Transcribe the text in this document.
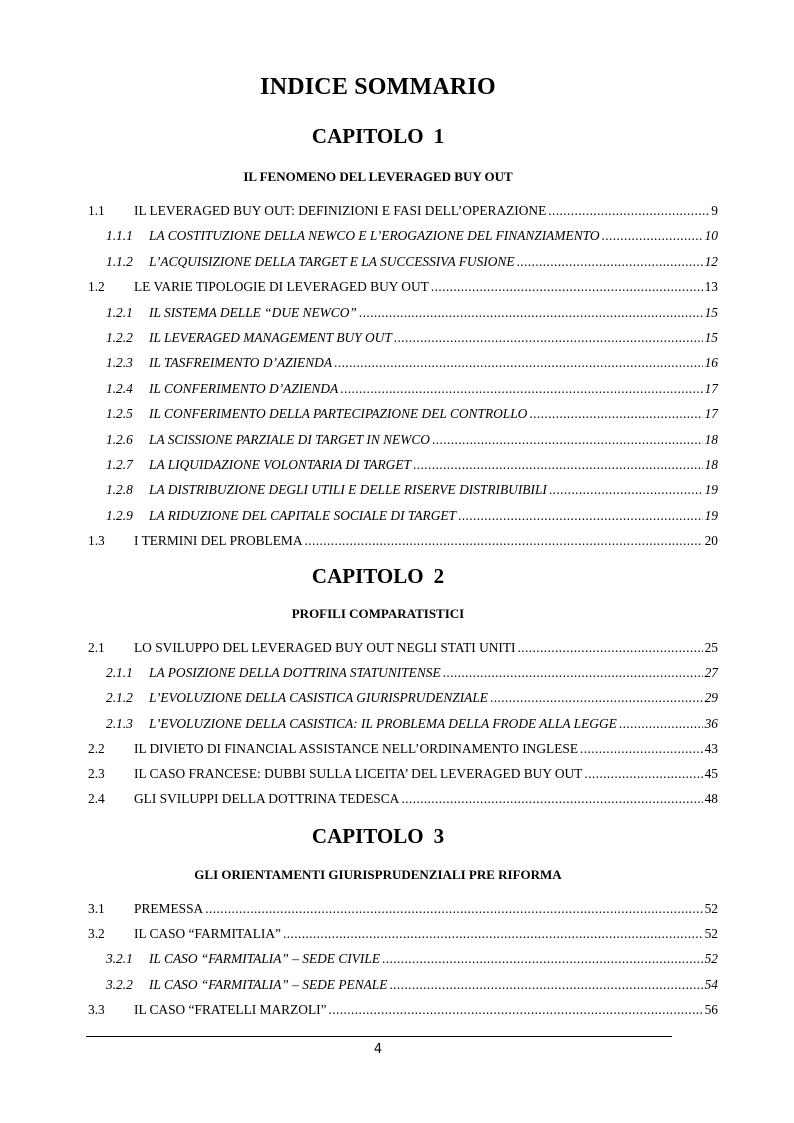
INDICE SOMMARIO
CAPITOLO 1
IL FENOMENO DEL LEVERAGED BUY OUT
1.1 IL LEVERAGED BUY OUT: DEFINIZIONI E FASI DELL’OPERAZIONE .....	9
1.1.1 LA COSTITUZIONE DELLA NEWCO E L’EROGAZIONE DEL FINANZIAMENTO .....	10
1.1.2 L’ACQUISIZIONE DELLA TARGET E LA SUCCESSIVA FUSIONE .....	12
1.2 LE VARIE TIPOLOGIE DI LEVERAGED BUY OUT .....	13
1.2.1 IL SISTEMA DELLE “DUE NEWCO” .....	15
1.2.2 IL LEVERAGED MANAGEMENT BUY OUT .....	15
1.2.3 IL TASFREIMENTO D’AZIENDA .....	16
1.2.4 IL CONFERIMENTO D’AZIENDA .....	17
1.2.5 IL CONFERIMENTO DELLA PARTECIPAZIONE DEL CONTROLLO .....	17
1.2.6 LA SCISSIONE PARZIALE DI TARGET IN NEWCO .....	18
1.2.7 LA LIQUIDAZIONE VOLONTARIA DI TARGET .....	18
1.2.8 LA DISTRIBUZIONE DEGLI UTILI E DELLE RISERVE DISTRIBUIBILI .....	19
1.2.9 LA RIDUZIONE DEL CAPITALE SOCIALE DI TARGET .....	19
1.3 I TERMINI DEL PROBLEMA .....	20
CAPITOLO 2
PROFILI COMPARATISTICI
2.1 LO SVILUPPO DEL LEVERAGED BUY OUT NEGLI STATI UNITI .....	25
2.1.1 LA POSIZIONE DELLA DOTTRINA STATUNITENSE .....	27
2.1.2 L’EVOLUZIONE DELLA CASISTICA GIURISPRUDENZIALE .....	29
2.1.3 L’EVOLUZIONE DELLA CASISTICA: IL PROBLEMA DELLA FRODE ALLA LEGGE .....	36
2.2 IL DIVIETO DI FINANCIAL ASSISTANCE NELL’ORDINAMENTO INGLESE .....	43
2.3 IL CASO FRANCESE: DUBBI SULLA LICEITA’ DEL LEVERAGED BUY OUT .....	45
2.4 GLI SVILUPPI DELLA DOTTRINA TEDESCA .....	48
CAPITOLO 3
GLI ORIENTAMENTI GIURISPRUDENZIALI PRE RIFORMA
3.1 PREMESSA .....	52
3.2 IL CASO “FARMITALIA” .....	52
3.2.1 IL CASO “FARMITALIA” – SEDE CIVILE .....	52
3.2.2 IL CASO “FARMITALIA” – SEDE PENALE .....	54
3.3 IL CASO “FRATELLI MARZOLI” .....	56
4
